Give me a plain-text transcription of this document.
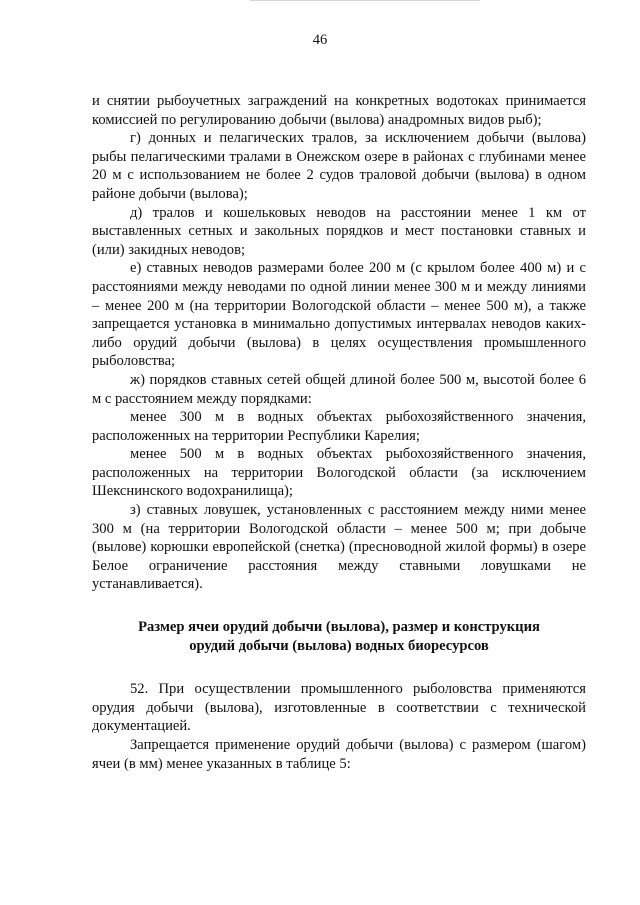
46

и снятии рыбоучетных заграждений на конкретных водотоках принимается комиссией по регулированию добычи (вылова) анадромных видов рыб);

г) донных и пелагических тралов, за исключением добычи (вылова) рыбы пелагическими тралами в Онежском озере в районах с глубинами менее 20 м с использованием не более 2 судов траловой добычи (вылова) в одном районе добычи (вылова);

д) тралов и кошельковых неводов на расстоянии менее 1 км от выставленных сетных и закольных порядков и мест постановки ставных и (или) закидных неводов;

е) ставных неводов размерами более 200 м (с крылом более 400 м) и с расстояниями между неводами по одной линии менее 300 м и между линиями – менее 200 м (на территории Вологодской области – менее 500 м), а также запрещается установка в минимально допустимых интервалах неводов каких-либо орудий добычи (вылова) в целях осуществления промышленного рыболовства;

ж) порядков ставных сетей общей длиной более 500 м, высотой более 6 м с расстоянием между порядками:

менее 300 м в водных объектах рыбохозяйственного значения, расположенных на территории Республики Карелия;

менее 500 м в водных объектах рыбохозяйственного значения, расположенных на территории Вологодской области (за исключением Шекснинского водохранилища);

з) ставных ловушек, установленных с расстоянием между ними менее 300 м (на территории Вологодской области – менее 500 м; при добыче (вылове) корюшки европейской (снетка) (пресноводной жилой формы) в озере Белое ограничение расстояния между ставными ловушками не устанавливается).

Размер ячеи орудий добычи (вылова), размер и конструкция
орудий добычи (вылова) водных биоресурсов

52. При осуществлении промышленного рыболовства применяются орудия добычи (вылова), изготовленные в соответствии с технической документацией.

Запрещается применение орудий добычи (вылова) с размером (шагом) ячеи (в мм) менее указанных в таблице 5:
